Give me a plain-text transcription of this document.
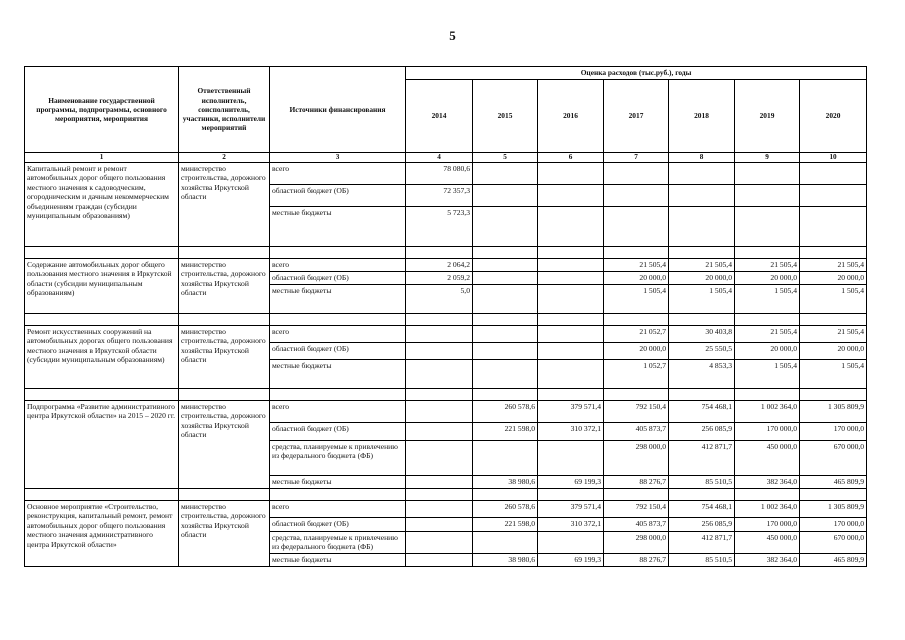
5
Наименование государственной программы, подпрограммы, основного мероприятия, мероприятия	Ответственный исполнитель, соисполнитель, участники, исполнители мероприятий	Источники финансирования	Оценка расходов (тыс.руб.), годы						
			2014	2015	2016	2017	2018	2019	2020
1	2	3	4	5	6	7	8	9	10
Капитальный ремонт и ремонт автомобильных дорог общего пользования местного значения к садоводческим, огородническим и дачным некоммерческим объединениям граждан (субсидии муниципальным образованиям)	министерство строительства, дорожного хозяйства Иркутской области	всего	78 080,6						
		областной бюджет (ОБ)	72 357,3						
		местные бюджеты	5 723,3						

Содержание автомобильных дорог общего пользования местного значения в Иркутской области (субсидии муниципальным образованиям)	министерство строительства, дорожного хозяйства Иркутской области	всего	2 064,2			21 505,4	21 505,4	21 505,4	21 505,4
		областной бюджет (ОБ)	2 059,2			20 000,0	20 000,0	20 000,0	20 000,0
		местные бюджеты	5,0			1 505,4	1 505,4	1 505,4	1 505,4

Ремонт искусственных сооружений на автомобильных дорогах общего пользования местного значения в Иркутской области (субсидии муниципальным образованиям)	министерство строительства, дорожного хозяйства Иркутской области	всего				21 052,7	30 403,8	21 505,4	21 505,4
		областной бюджет (ОБ)				20 000,0	25 550,5	20 000,0	20 000,0
		местные бюджеты				1 052,7	4 853,3	1 505,4	1 505,4

Подпрограмма «Развитие административного центра Иркутской области» на 2015 – 2020 гг.	министерство строительства, дорожного хозяйства Иркутской области	всего		260 578,6	379 571,4	792 150,4	754 468,1	1 002 364,0	1 305 809,9
		областной бюджет (ОБ)		221 598,0	310 372,1	405 873,7	256 085,9	170 000,0	170 000,0
		средства, планируемые к привлечению из федерального бюджета (ФБ)				298 000,0	412 871,7	450 000,0	670 000,0
		местные бюджеты		38 980,6	69 199,3	88 276,7	85 510,5	382 364,0	465 809,9

Основное мероприятие «Строительство, реконструкция, капитальный ремонт, ремонт автомобильных дорог общего пользования местного значения административного центра Иркутской области»	министерство строительства, дорожного хозяйства Иркутской области	всего		260 578,6	379 571,4	792 150,4	754 468,1	1 002 364,0	1 305 809,9
		областной бюджет (ОБ)		221 598,0	310 372,1	405 873,7	256 085,9	170 000,0	170 000,0
		средства, планируемые к привлечению из федерального бюджета (ФБ)				298 000,0	412 871,7	450 000,0	670 000,0
		местные бюджеты		38 980,6	69 199,3	88 276,7	85 510,5	382 364,0	465 809,9
